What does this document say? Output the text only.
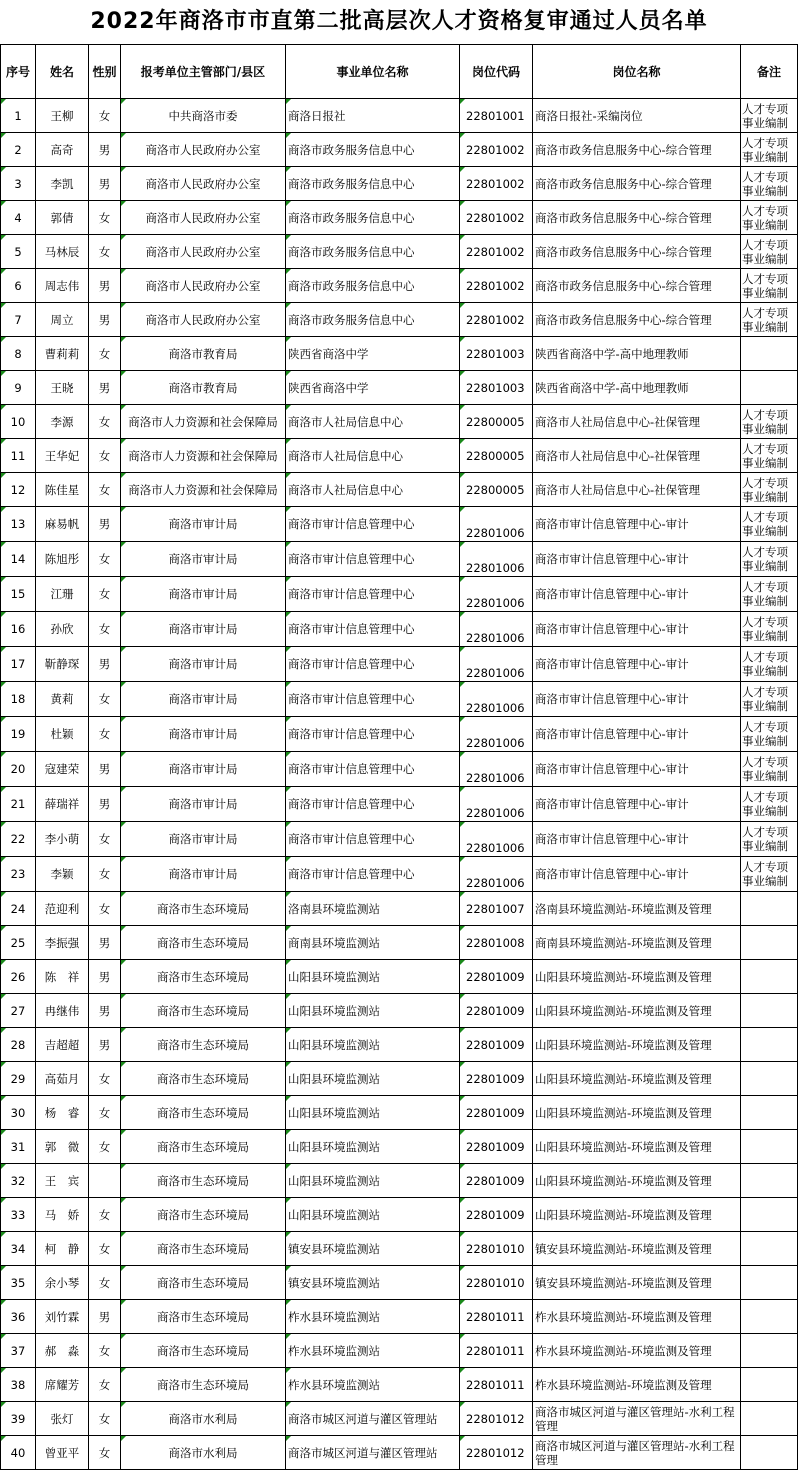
2022年商洛市市直第二批高层次人才资格复审通过人员名单
序号	姓名	性别	报考单位主管部门/县区	事业单位名称	岗位代码	岗位名称	备注
1	王柳	女	中共商洛市委	商洛日报社	22801001	商洛日报社-采编岗位	人才专项事业编制
2	高奇	男	商洛市人民政府办公室	商洛市政务服务信息中心	22801002	商洛市政务信息服务中心-综合管理	人才专项事业编制
3	李凯	男	商洛市人民政府办公室	商洛市政务服务信息中心	22801002	商洛市政务信息服务中心-综合管理	人才专项事业编制
4	郭倩	女	商洛市人民政府办公室	商洛市政务服务信息中心	22801002	商洛市政务信息服务中心-综合管理	人才专项事业编制
5	马林辰	女	商洛市人民政府办公室	商洛市政务服务信息中心	22801002	商洛市政务信息服务中心-综合管理	人才专项事业编制
6	周志伟	男	商洛市人民政府办公室	商洛市政务服务信息中心	22801002	商洛市政务信息服务中心-综合管理	人才专项事业编制
7	周立	男	商洛市人民政府办公室	商洛市政务服务信息中心	22801002	商洛市政务信息服务中心-综合管理	人才专项事业编制
8	曹莉莉	女	商洛市教育局	陕西省商洛中学	22801003	陕西省商洛中学-高中地理教师	
9	王晓	男	商洛市教育局	陕西省商洛中学	22801003	陕西省商洛中学-高中地理教师	
10	李源	女	商洛市人力资源和社会保障局	商洛市人社局信息中心	22800005	商洛市人社局信息中心-社保管理	人才专项事业编制
11	王华妃	女	商洛市人力资源和社会保障局	商洛市人社局信息中心	22800005	商洛市人社局信息中心-社保管理	人才专项事业编制
12	陈佳星	女	商洛市人力资源和社会保障局	商洛市人社局信息中心	22800005	商洛市人社局信息中心-社保管理	人才专项事业编制
13	麻易帆	男	商洛市审计局	商洛市审计信息管理中心	22801006	商洛市审计信息管理中心-审计	人才专项事业编制
14	陈旭彤	女	商洛市审计局	商洛市审计信息管理中心	22801006	商洛市审计信息管理中心-审计	人才专项事业编制
15	江珊	女	商洛市审计局	商洛市审计信息管理中心	22801006	商洛市审计信息管理中心-审计	人才专项事业编制
16	孙欣	女	商洛市审计局	商洛市审计信息管理中心	22801006	商洛市审计信息管理中心-审计	人才专项事业编制
17	靳静琛	男	商洛市审计局	商洛市审计信息管理中心	22801006	商洛市审计信息管理中心-审计	人才专项事业编制
18	黄莉	女	商洛市审计局	商洛市审计信息管理中心	22801006	商洛市审计信息管理中心-审计	人才专项事业编制
19	杜颖	女	商洛市审计局	商洛市审计信息管理中心	22801006	商洛市审计信息管理中心-审计	人才专项事业编制
20	寇建荣	男	商洛市审计局	商洛市审计信息管理中心	22801006	商洛市审计信息管理中心-审计	人才专项事业编制
21	薛瑞祥	男	商洛市审计局	商洛市审计信息管理中心	22801006	商洛市审计信息管理中心-审计	人才专项事业编制
22	李小萌	女	商洛市审计局	商洛市审计信息管理中心	22801006	商洛市审计信息管理中心-审计	人才专项事业编制
23	李颖	女	商洛市审计局	商洛市审计信息管理中心	22801006	商洛市审计信息管理中心-审计	人才专项事业编制
24	范迎利	女	商洛市生态环境局	洛南县环境监测站	22801007	洛南县环境监测站-环境监测及管理	
25	李振强	男	商洛市生态环境局	商南县环境监测站	22801008	商南县环境监测站-环境监测及管理	
26	陈　祥	男	商洛市生态环境局	山阳县环境监测站	22801009	山阳县环境监测站-环境监测及管理	
27	冉继伟	男	商洛市生态环境局	山阳县环境监测站	22801009	山阳县环境监测站-环境监测及管理	
28	吉超超	男	商洛市生态环境局	山阳县环境监测站	22801009	山阳县环境监测站-环境监测及管理	
29	高茹月	女	商洛市生态环境局	山阳县环境监测站	22801009	山阳县环境监测站-环境监测及管理	
30	杨　睿	女	商洛市生态环境局	山阳县环境监测站	22801009	山阳县环境监测站-环境监测及管理	
31	郭　微	女	商洛市生态环境局	山阳县环境监测站	22801009	山阳县环境监测站-环境监测及管理	
32	王　宾		商洛市生态环境局	山阳县环境监测站	22801009	山阳县环境监测站-环境监测及管理	
33	马　娇	女	商洛市生态环境局	山阳县环境监测站	22801009	山阳县环境监测站-环境监测及管理	
34	柯　静	女	商洛市生态环境局	镇安县环境监测站	22801010	镇安县环境监测站-环境监测及管理	
35	余小琴	女	商洛市生态环境局	镇安县环境监测站	22801010	镇安县环境监测站-环境监测及管理	
36	刘竹霖	男	商洛市生态环境局	柞水县环境监测站	22801011	柞水县环境监测站-环境监测及管理	
37	郝　淼	女	商洛市生态环境局	柞水县环境监测站	22801011	柞水县环境监测站-环境监测及管理	
38	席耀芳	女	商洛市生态环境局	柞水县环境监测站	22801011	柞水县环境监测站-环境监测及管理	
39	张灯	女	商洛市水利局	商洛市城区河道与灌区管理站	22801012	商洛市城区河道与灌区管理站-水利工程管理	
40	曾亚平	女	商洛市水利局	商洛市城区河道与灌区管理站	22801012	商洛市城区河道与灌区管理站-水利工程管理	
